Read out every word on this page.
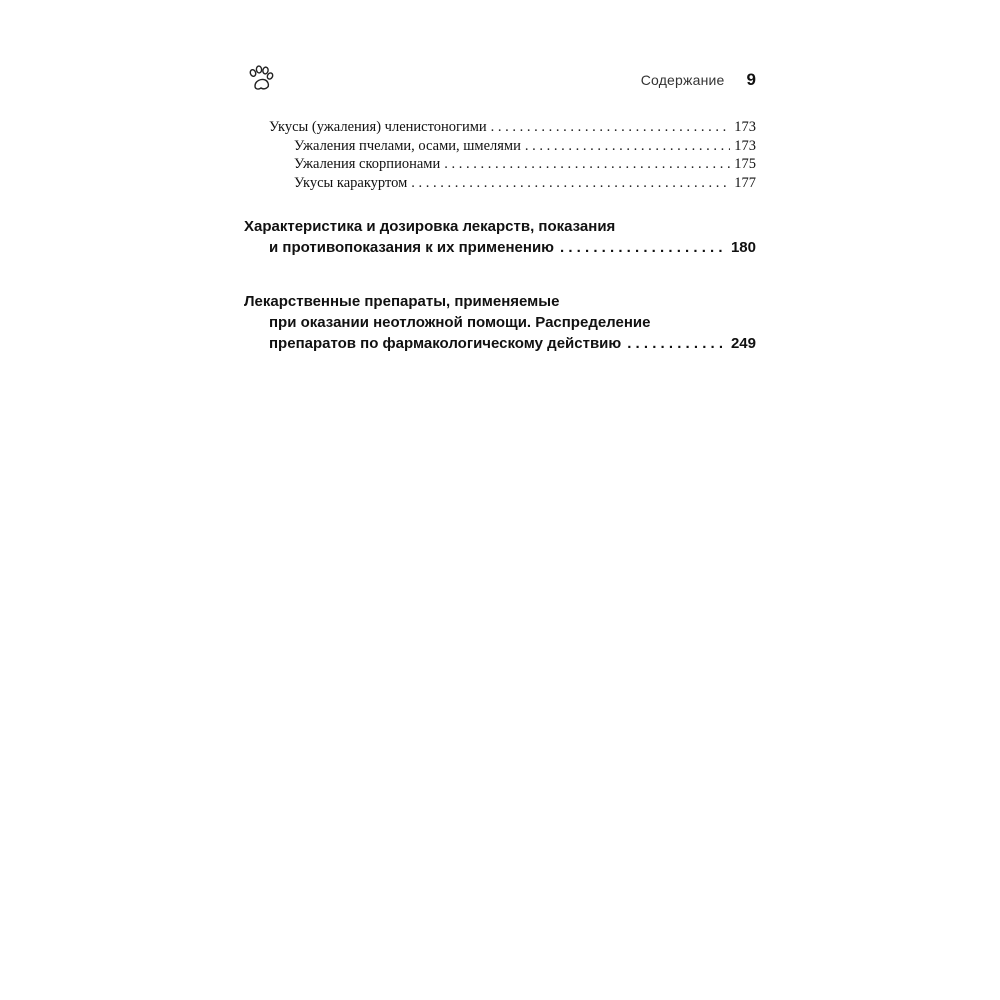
Содержание 9
Укусы (ужаления) членистоногими . . .	173
Ужаления пчелами, осами, шмелями . . .	173
Ужаления скорпионами . . .	175
Укусы каракуртом . . .	177
Характеристика и дозировка лекарств, показания
и противопоказания к их применению . . .	180
Лекарственные препараты, применяемые
при оказании неотложной помощи. Распределение
препаратов по фармакологическому действию . . .	249
